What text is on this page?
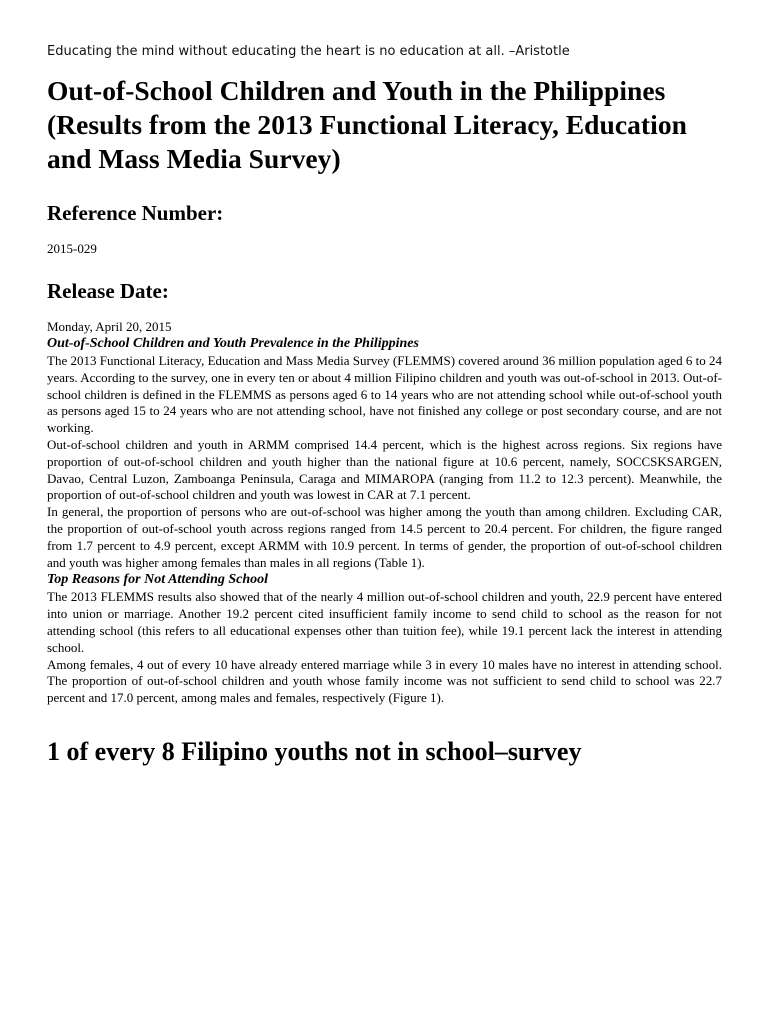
Educating the mind without educating the heart is no education at all. –Aristotle

Out-of-School Children and Youth in the Philippines (Results from the 2013 Functional Literacy, Education and Mass Media Survey)
Reference Number:

2015-029

Release Date:

Monday, April 20, 2015

Out-of-School Children and Youth Prevalence in the Philippines

The 2013 Functional Literacy, Education and Mass Media Survey (FLEMMS) covered around 36 million population aged 6 to 24 years. According to the survey, one in every ten or about 4 million Filipino children and youth was out-of-school in 2013. Out-of-school children is defined in the FLEMMS as persons aged 6 to 14 years who are not attending school while out-of-school youth as persons aged 15 to 24 years who are not attending school, have not finished any college or post secondary course, and are not working.

Out-of-school children and youth in ARMM comprised 14.4 percent, which is the highest across regions. Six regions have proportion of out-of-school children and youth higher than the national figure at 10.6 percent, namely, SOCCSKSARGEN, Davao, Central Luzon, Zamboanga Peninsula, Caraga and MIMAROPA (ranging from 11.2 to 12.3 percent). Meanwhile, the proportion of out-of-school children and youth was lowest in CAR at 7.1 percent.

In general, the proportion of persons who are out-of-school was higher among the youth than among children. Excluding CAR, the proportion of out-of-school youth across regions ranged from 14.5 percent to 20.4 percent. For children, the figure ranged from 1.7 percent to 4.9 percent, except ARMM with 10.9 percent. In terms of gender, the proportion of out-of-school children and youth was higher among females than males in all regions (Table 1).

Top Reasons for Not Attending School

The 2013 FLEMMS results also showed that of the nearly 4 million out-of-school children and youth, 22.9 percent have entered into union or marriage. Another 19.2 percent cited insufficient family income to send child to school as the reason for not attending school (this refers to all educational expenses other than tuition fee), while 19.1 percent lack the interest in attending school.

Among females, 4 out of every 10 have already entered marriage while 3 in every 10 males have no interest in attending school. The proportion of out-of-school children and youth whose family income was not sufficient to send child to school was 22.7 percent and 17.0 percent, among males and females, respectively (Figure 1).

1 of every 8 Filipino youths not in school–survey
